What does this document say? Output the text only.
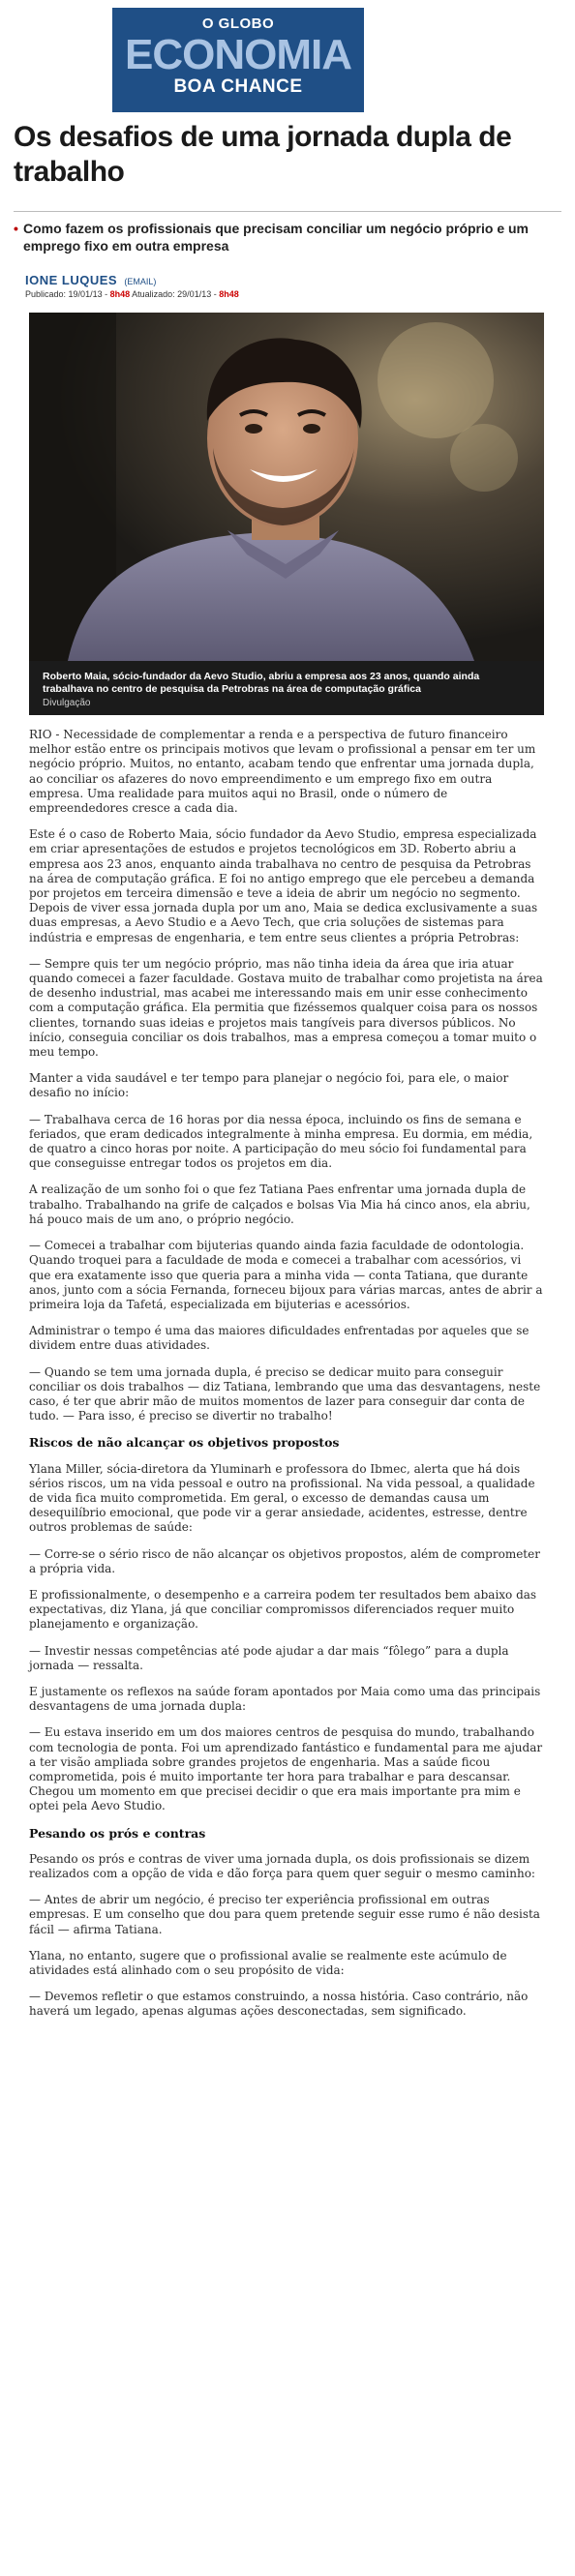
O GLOBO
ECONOMIA
BOA CHANCE
Os desafios de uma jornada dupla de trabalho
• Como fazem os profissionais que precisam conciliar um negócio próprio e um emprego fixo em outra empresa
IONE LUQUES (EMAIL)
Publicado: 19/01/13 - 8h48 Atualizado: 29/01/13 - 8h48
Roberto Maia, sócio-fundador da Aevo Studio, abriu a empresa aos 23 anos, quando ainda trabalhava no centro de pesquisa da Petrobras na área de computação gráfica
Divulgação

RIO - Necessidade de complementar a renda e a perspectiva de futuro financeiro melhor estão entre os principais motivos que levam o profissional a pensar em ter um negócio próprio. Muitos, no entanto, acabam tendo que enfrentar uma jornada dupla, ao conciliar os afazeres do novo empreendimento e um emprego fixo em outra empresa. Uma realidade para muitos aqui no Brasil, onde o número de empreendedores cresce a cada dia.

Este é o caso de Roberto Maia, sócio fundador da Aevo Studio, empresa especializada em criar apresentações de estudos e projetos tecnológicos em 3D. Roberto abriu a empresa aos 23 anos, enquanto ainda trabalhava no centro de pesquisa da Petrobras na área de computação gráfica. E foi no antigo emprego que ele percebeu a demanda por projetos em terceira dimensão e teve a ideia de abrir um negócio no segmento. Depois de viver essa jornada dupla por um ano, Maia se dedica exclusivamente a suas duas empresas, a Aevo Studio e a Aevo Tech, que cria soluções de sistemas para indústria e empresas de engenharia, e tem entre seus clientes a própria Petrobras:

— Sempre quis ter um negócio próprio, mas não tinha ideia da área que iria atuar quando comecei a fazer faculdade. Gostava muito de trabalhar como projetista na área de desenho industrial, mas acabei me interessando mais em unir esse conhecimento com a computação gráfica. Ela permitia que fizéssemos qualquer coisa para os nossos clientes, tornando suas ideias e projetos mais tangíveis para diversos públicos. No início, conseguia conciliar os dois trabalhos, mas a empresa começou a tomar muito o meu tempo.

Manter a vida saudável e ter tempo para planejar o negócio foi, para ele, o maior desafio no início:

— Trabalhava cerca de 16 horas por dia nessa época, incluindo os fins de semana e feriados, que eram dedicados integralmente à minha empresa. Eu dormia, em média, de quatro a cinco horas por noite. A participação do meu sócio foi fundamental para que conseguisse entregar todos os projetos em dia.

A realização de um sonho foi o que fez Tatiana Paes enfrentar uma jornada dupla de trabalho. Trabalhando na grife de calçados e bolsas Via Mia há cinco anos, ela abriu, há pouco mais de um ano, o próprio negócio.

— Comecei a trabalhar com bijuterias quando ainda fazia faculdade de odontologia. Quando troquei para a faculdade de moda e comecei a trabalhar com acessórios, vi que era exatamente isso que queria para a minha vida — conta Tatiana, que durante anos, junto com a sócia Fernanda, forneceu bijoux para várias marcas, antes de abrir a primeira loja da Tafetá, especializada em bijuterias e acessórios.

Administrar o tempo é uma das maiores dificuldades enfrentadas por aqueles que se dividem entre duas atividades.

— Quando se tem uma jornada dupla, é preciso se dedicar muito para conseguir conciliar os dois trabalhos — diz Tatiana, lembrando que uma das desvantagens, neste caso, é ter que abrir mão de muitos momentos de lazer para conseguir dar conta de tudo. — Para isso, é preciso se divertir no trabalho!

Riscos de não alcançar os objetivos propostos

Ylana Miller, sócia-diretora da Yluminarh e professora do Ibmec, alerta que há dois sérios riscos, um na vida pessoal e outro na profissional. Na vida pessoal, a qualidade de vida fica muito comprometida. Em geral, o excesso de demandas causa um desequilíbrio emocional, que pode vir a gerar ansiedade, acidentes, estresse, dentre outros problemas de saúde:

— Corre-se o sério risco de não alcançar os objetivos propostos, além de comprometer a própria vida.

E profissionalmente, o desempenho e a carreira podem ter resultados bem abaixo das expectativas, diz Ylana, já que conciliar compromissos diferenciados requer muito planejamento e organização.

— Investir nessas competências até pode ajudar a dar mais “fôlego” para a dupla jornada — ressalta.

E justamente os reflexos na saúde foram apontados por Maia como uma das principais desvantagens de uma jornada dupla:

— Eu estava inserido em um dos maiores centros de pesquisa do mundo, trabalhando com tecnologia de ponta. Foi um aprendizado fantástico e fundamental para me ajudar a ter visão ampliada sobre grandes projetos de engenharia. Mas a saúde ficou comprometida, pois é muito importante ter hora para trabalhar e para descansar. Chegou um momento em que precisei decidir o que era mais importante pra mim e optei pela Aevo Studio.

Pesando os prós e contras

Pesando os prós e contras de viver uma jornada dupla, os dois profissionais se dizem realizados com a opção de vida e dão força para quem quer seguir o mesmo caminho:

— Antes de abrir um negócio, é preciso ter experiência profissional em outras empresas. E um conselho que dou para quem pretende seguir esse rumo é não desista fácil — afirma Tatiana.

Ylana, no entanto, sugere que o profissional avalie se realmente este acúmulo de atividades está alinhado com o seu propósito de vida:

— Devemos refletir o que estamos construindo, a nossa história. Caso contrário, não haverá um legado, apenas algumas ações desconectadas, sem significado.
